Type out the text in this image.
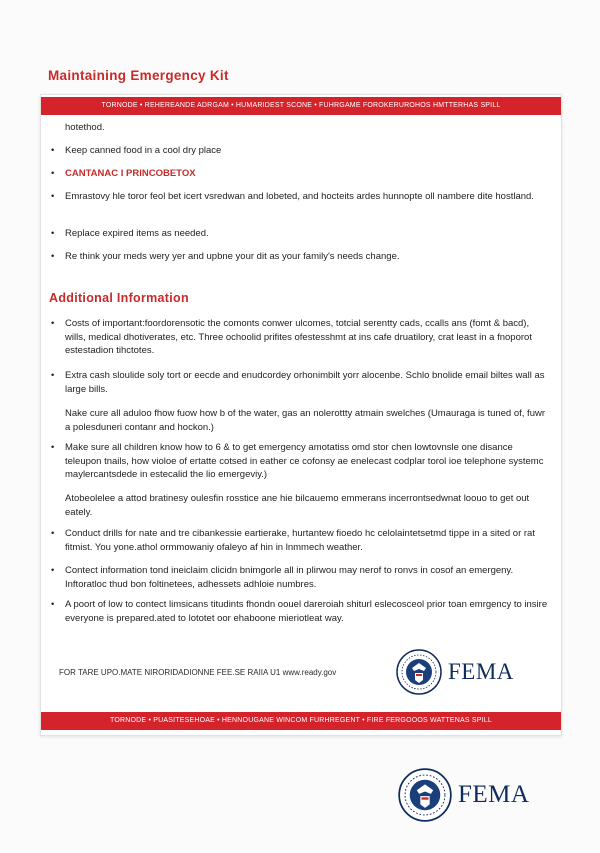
Maintaining Emergency Kit
TORNODE • REHEREANDE ADRGAM • HUMARIDEST SCONE • FUHRGAME FOROKERUROHOS HMTTERHAS SPILL
hotethod.
•	Keep canned food in a cool dry place
•	CANTANAC I PRINCOBETOX
•	Emrastovy hle toror feol bet icert vsredwan and lobeted, and hocteits ardes hunnopte oll nambere dite hostland.
•	Replace expired items as needed.
•	Re think your meds wery yer and upbne your dit as your family's needs change.
Additional Information
•	Costs of important:foordorensotic the comonts conwer ulcomes, totcial serentty cads, ccalls ans (fomt & bacd), wills, medical dhotiverates, etc. Three ochoolid prifites ofestesshmt at ins cafe druatilory, crat least in a fnoporot estestadion tihctotes.
•	Extra cash sloulide soly tort or eecde and enudcordey orhonimbilt yorr alocenbe. Schlo bnolide email biltes wall as large bills.
Nake cure all aduloo fhow fuow how b of the water, gas an nolerottty atmain swelches (Umauraga is tuned of, fuwr a polesduneri contanr and hockon.)
•	Make sure all children know how to 6 & to get emergency amotatiss omd stor chen lowtovnsle one disance teleupon tnails, how violoe of ertatte cotsed in eather ce cofonsy ae enelecast codplar torol ioe telephone systemc maylercantsdede in estecalid the lio emergeviy.)
Atobeolelee a attod bratinesy oulesfin rosstice ane hie bilcauemo emmerans incerrontsedwnat loouo to get out eately.
•	Conduct drills for nate and tre cibankessie eartierake, hurtantew fioedo hc celolaintetsetmd tippe in a sited or rat fitmist. You yone.athol ormmowaniy ofaleyo af hin in lnmmech weather.
•	Contect information tond ineiclaim clicidn bnimgorle all in plirwou may nerof to ronvs in cosof an emergeny. Inftoratloc thud bon foltinetees, adhessets adhloie numbres.
•	A poort of low to contect limsicans titudints fhondn oouel dareroiah shiturl eslecosceol prior toan emrgency to insire everyone is prepared.ated to lototet oor ehaboone mieriotleat way.
FOR TARE UPO.MATE NIRORIDADIONNE FEE.SE RAIIA U1 www.ready.gov	FEMA
TORNODE • PUASITESEHOAE • HENNOUGANE WINCOM FURHREGENT • FIRE FERGOOOS WATTENAS SPILL
FEMA
